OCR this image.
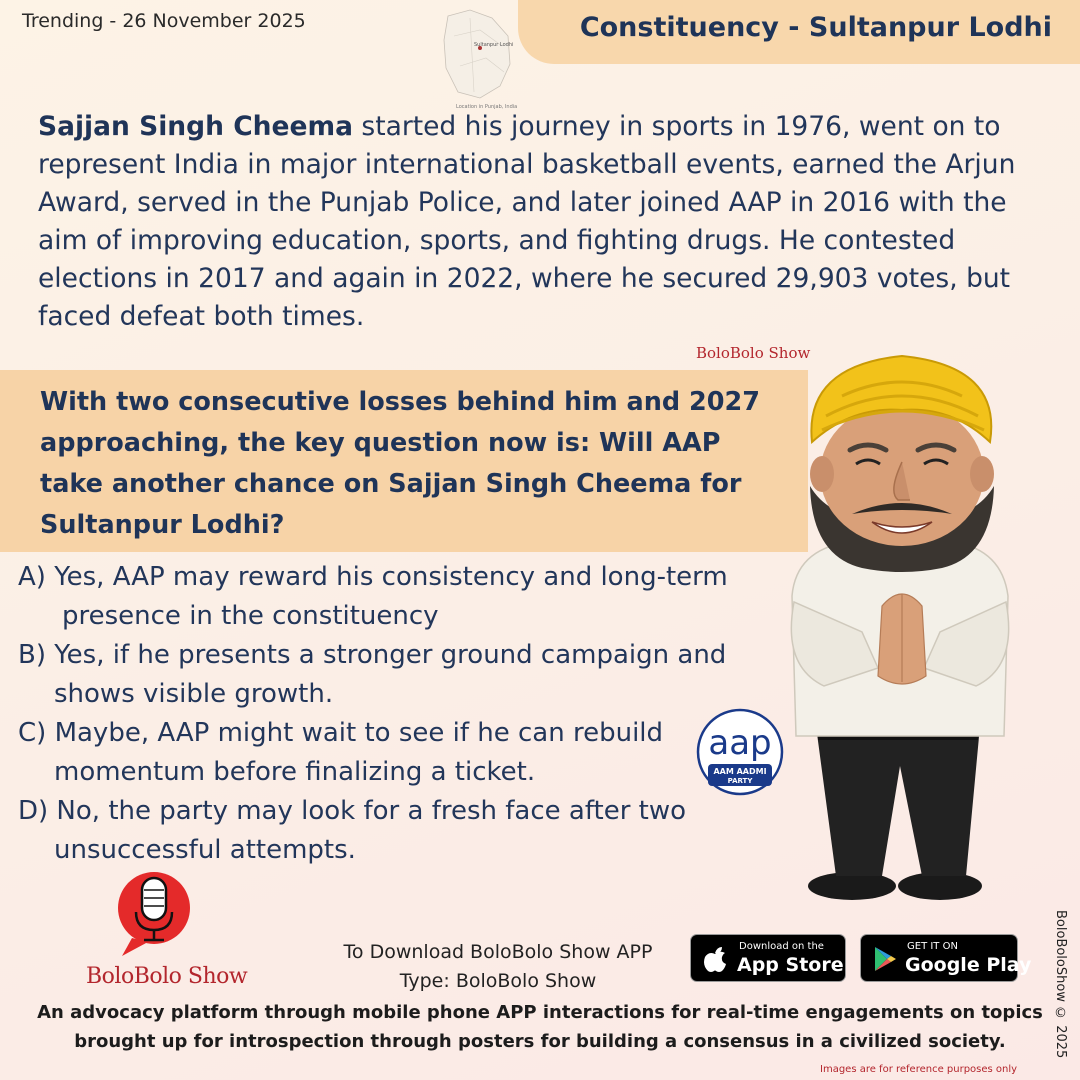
Trending - 26 November 2025	Constituency - Sultanpur Lodhi
Sultanpur Lodhi
Location in Punjab, India
Sajjan Singh Cheema started his journey in sports in 1976, went on to represent India in major international basketball events, earned the Arjun Award, served in the Punjab Police, and later joined AAP in 2016 with the aim of improving education, sports, and fighting drugs. He contested elections in 2017 and again in 2022, where he secured 29,903 votes, but faced defeat both times.
BoloBolo Show
With two consecutive losses behind him and 2027 approaching, the key question now is: Will AAP take another chance on Sajjan Singh Cheema for Sultanpur Lodhi?
A) Yes, AAP may reward his consistency and long-term
presence in the constituency
B) Yes, if he presents a stronger ground campaign and
shows visible growth.
C) Maybe, AAP might wait to see if he can rebuild
momentum before finalizing a ticket.
D) No, the party may look for a fresh face after two
unsuccessful attempts.
aap
AAM AADMI
PARTY
BoloBolo Show
To Download BoloBolo Show APP
Type: BoloBolo Show
Download on the
App Store
GET IT ON
Google Play
An advocacy platform through mobile phone APP interactions for real-time engagements on topics brought up for introspection through posters for building a consensus in a civilized society.	BoloBoloShow © 2025
Images are for reference purposes only
